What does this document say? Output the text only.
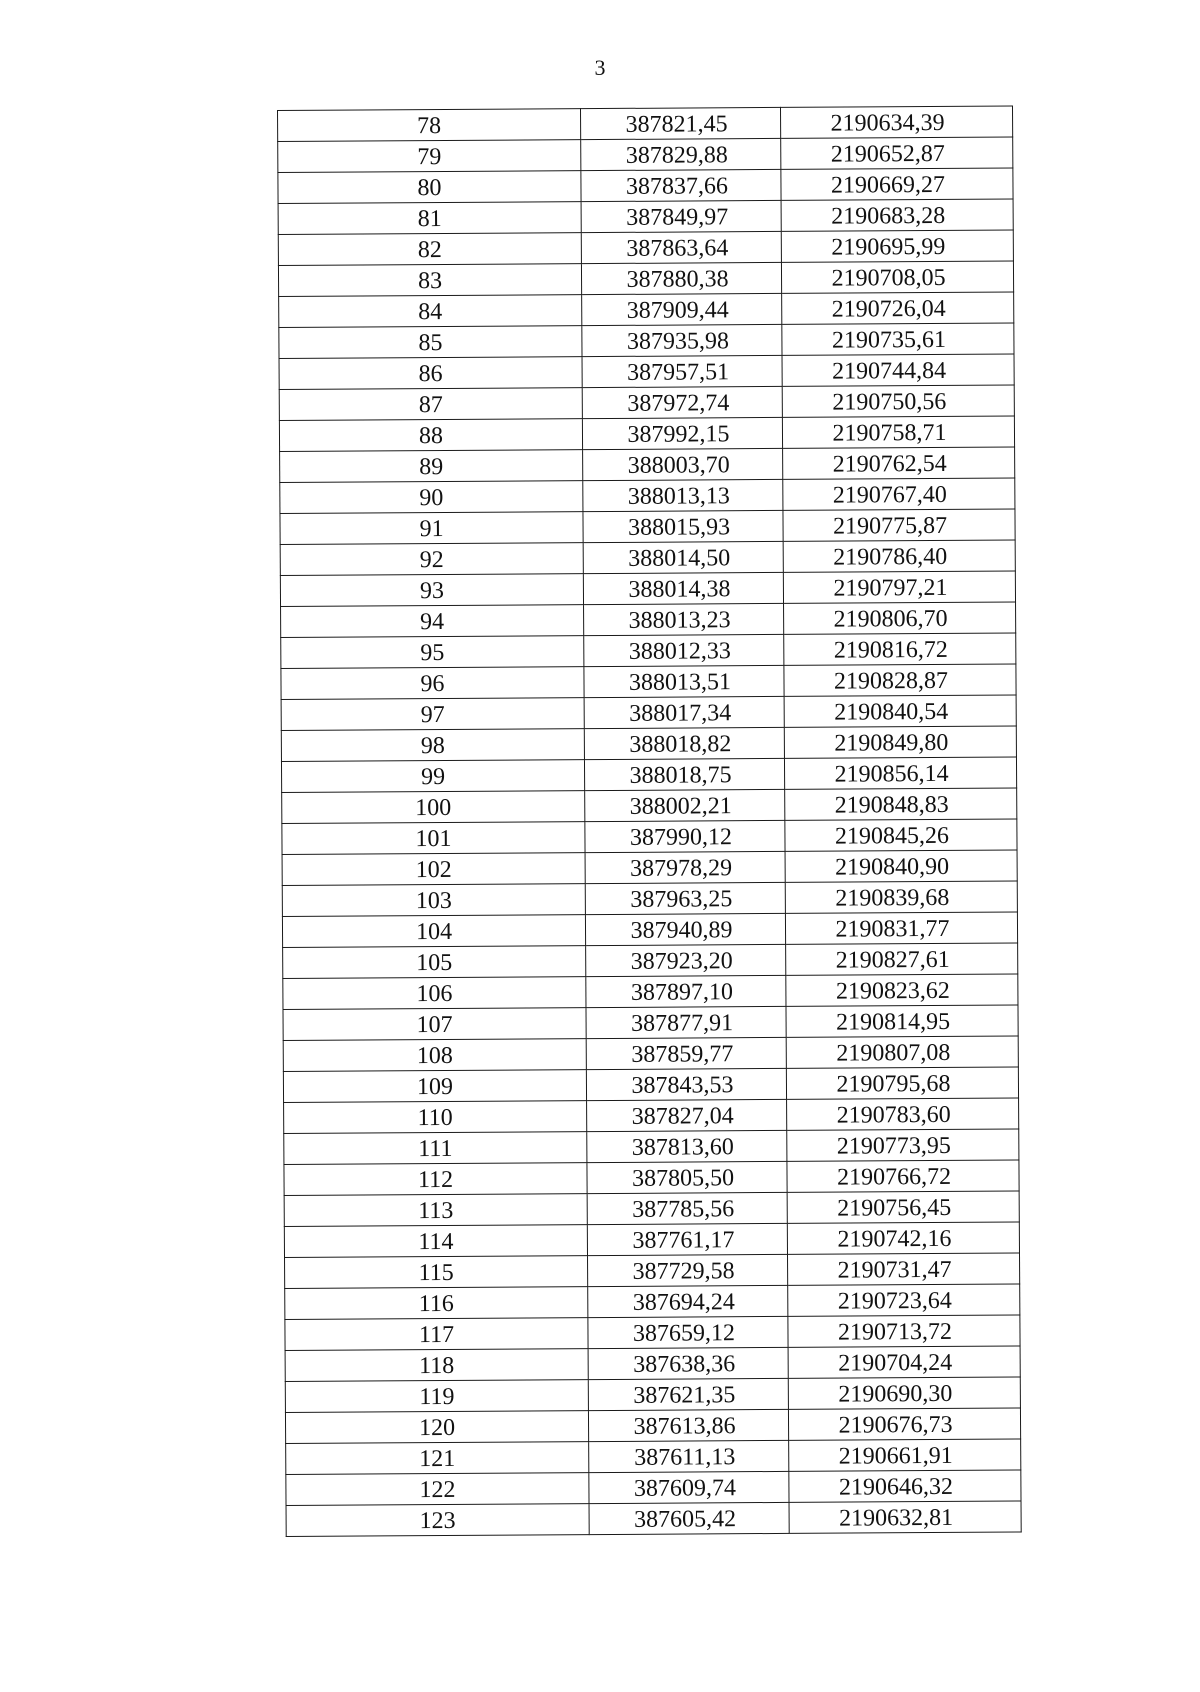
3
78	387821,45	2190634,39
79	387829,88	2190652,87
80	387837,66	2190669,27
81	387849,97	2190683,28
82	387863,64	2190695,99
83	387880,38	2190708,05
84	387909,44	2190726,04
85	387935,98	2190735,61
86	387957,51	2190744,84
87	387972,74	2190750,56
88	387992,15	2190758,71
89	388003,70	2190762,54
90	388013,13	2190767,40
91	388015,93	2190775,87
92	388014,50	2190786,40
93	388014,38	2190797,21
94	388013,23	2190806,70
95	388012,33	2190816,72
96	388013,51	2190828,87
97	388017,34	2190840,54
98	388018,82	2190849,80
99	388018,75	2190856,14
100	388002,21	2190848,83
101	387990,12	2190845,26
102	387978,29	2190840,90
103	387963,25	2190839,68
104	387940,89	2190831,77
105	387923,20	2190827,61
106	387897,10	2190823,62
107	387877,91	2190814,95
108	387859,77	2190807,08
109	387843,53	2190795,68
110	387827,04	2190783,60
111	387813,60	2190773,95
112	387805,50	2190766,72
113	387785,56	2190756,45
114	387761,17	2190742,16
115	387729,58	2190731,47
116	387694,24	2190723,64
117	387659,12	2190713,72
118	387638,36	2190704,24
119	387621,35	2190690,30
120	387613,86	2190676,73
121	387611,13	2190661,91
122	387609,74	2190646,32
123	387605,42	2190632,81
